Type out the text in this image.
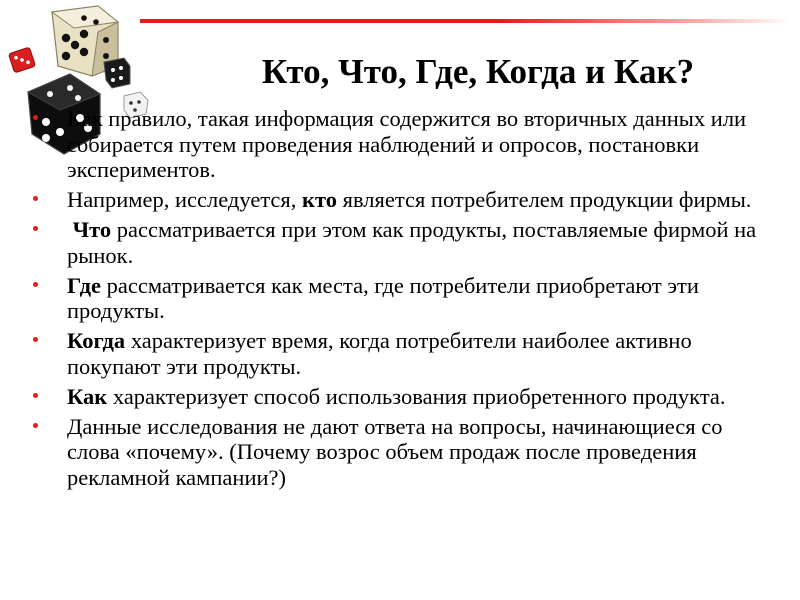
Кто, Что, Где, Когда и Как?
Как правило, такая информация содержится во вторичных данных или собирается путем проведения наблюдений и опросов, постановки экспериментов.
Например, исследуется, кто является потребителем продукции фирмы.
Что рассматривается при этом как продукты, поставляемые фирмой на рынок.
Где рассматривается как места, где потребители приобретают эти продукты.
Когда характеризует время, когда потребители наиболее активно покупают эти продукты.
Как характеризует способ использования приобретенного продукта.
Данные исследования не дают ответа на вопросы, начинающиеся со слова «почему». (Почему возрос объем продаж после проведения рекламной кампании?)
